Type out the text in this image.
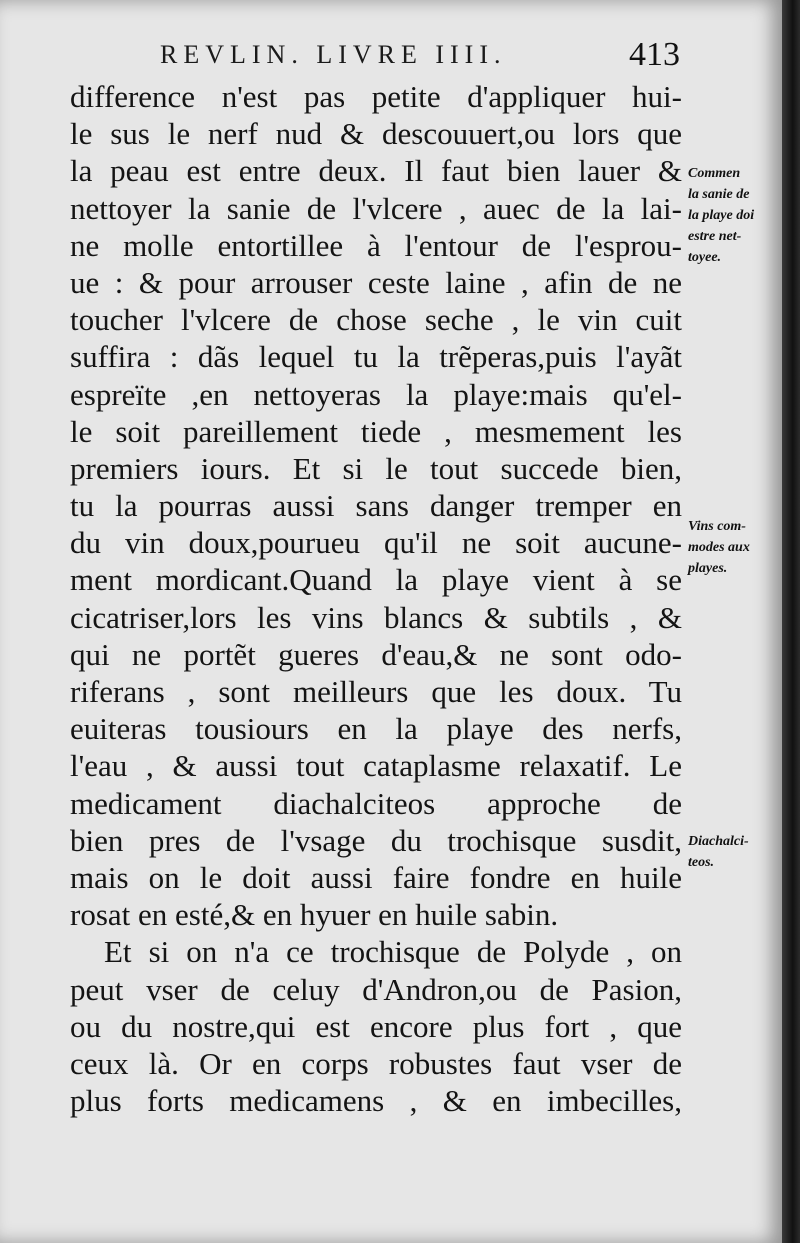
REVLIN. LIVRE IIII.	413
difference n'est pas petite d'appliquer hui-
le sus le nerf nud & descouuert,ou lors que
la peau est entre deux. Il faut bien lauer &
nettoyer la sanie de l'vlcere , auec de la lai-
ne molle entortillee à l'entour de l'esprou-
ue : & pour arrouser ceste laine , afin de ne
toucher l'vlcere de chose seche , le vin cuit
suffira : dãs lequel tu la trẽperas,puis l'ayãt
espreïte ,en nettoyeras la playe:mais qu'el-
le soit pareillement tiede , mesmement les
premiers iours. Et si le tout succede bien,
tu la pourras aussi sans danger tremper en
du vin doux,pourueu qu'il ne soit aucune-
ment mordicant.Quand la playe vient à se
cicatriser,lors les vins blancs & subtils , &
qui ne portẽt gueres d'eau,& ne sont odo-
riferans , sont meilleurs que les doux. Tu
euiteras tousiours en la playe des nerfs,
l'eau , & aussi tout cataplasme relaxatif. Le
medicament diachalciteos approche de
bien pres de l'vsage du trochisque susdit,
mais on le doit aussi faire fondre en huile
rosat en esté,& en hyuer en huile sabin.
Et si on n'a ce trochisque de Polyde , on
peut vser de celuy d'Andron,ou de Pasion,
ou du nostre,qui est encore plus fort , que
ceux là. Or en corps robustes faut vser de
plus forts medicamens , & en imbecilles,
Commen
la sanie de
la playe doi
estre net-
toyee.
Vins com-
modes aux
playes.
Diachalci-
teos.
